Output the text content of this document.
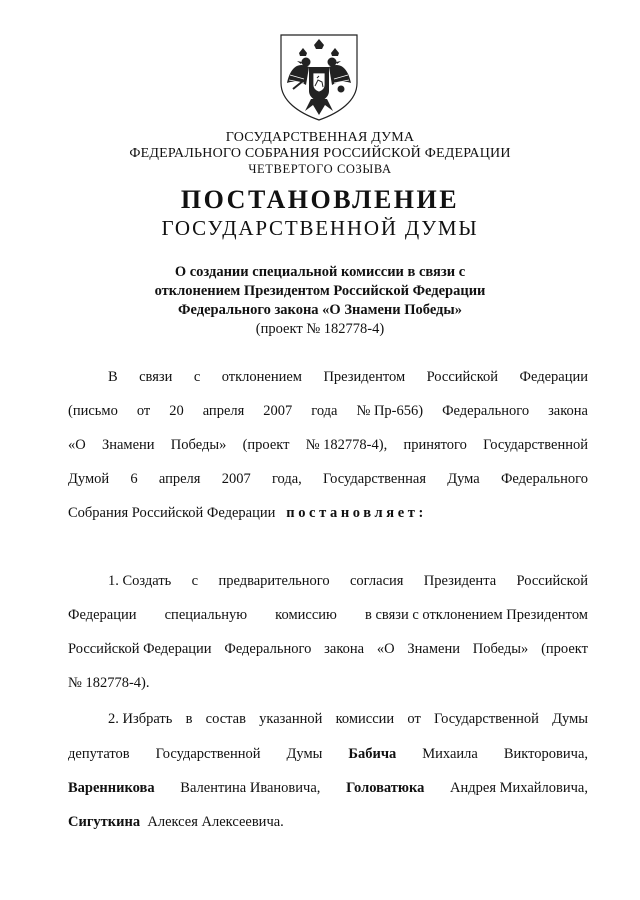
ГОСУДАРСТВЕННАЯ ДУМА
ФЕДЕРАЛЬНОГО СОБРАНИЯ РОССИЙСКОЙ ФЕДЕРАЦИИ
ЧЕТВЕРТОГО СОЗЫВА
ПОСТАНОВЛЕНИЕ
ГОСУДАРСТВЕННОЙ ДУМЫ
О создании специальной комиссии в связи с
отклонением Президентом Российской Федерации
Федерального закона «О Знамени Победы»
(проект № 182778-4)
В связи с отклонением Президентом Российской Федерации
(письмо от 20 апреля 2007 года № Пр-656) Федерального закона
«О Знамени Победы» (проект № 182778-4), принятого Государственной
Думой 6 апреля 2007 года, Государственная Дума Федерального
Собрания Российской Федерации постановляет:
1. Создать с предварительного согласия Президента Российской
Федерации специальную комиссию в связи с отклонением Президентом
Российской Федерации Федерального закона «О Знамени Победы» (проект
№ 182778-4).
2. Избрать в состав указанной комиссии от Государственной Думы
депутатов Государственной Думы Бабича Михаила Викторовича,
Варенникова Валентина Ивановича, Головатюка Андрея Михайловича,
Сигуткина Алексея Алексеевича.
